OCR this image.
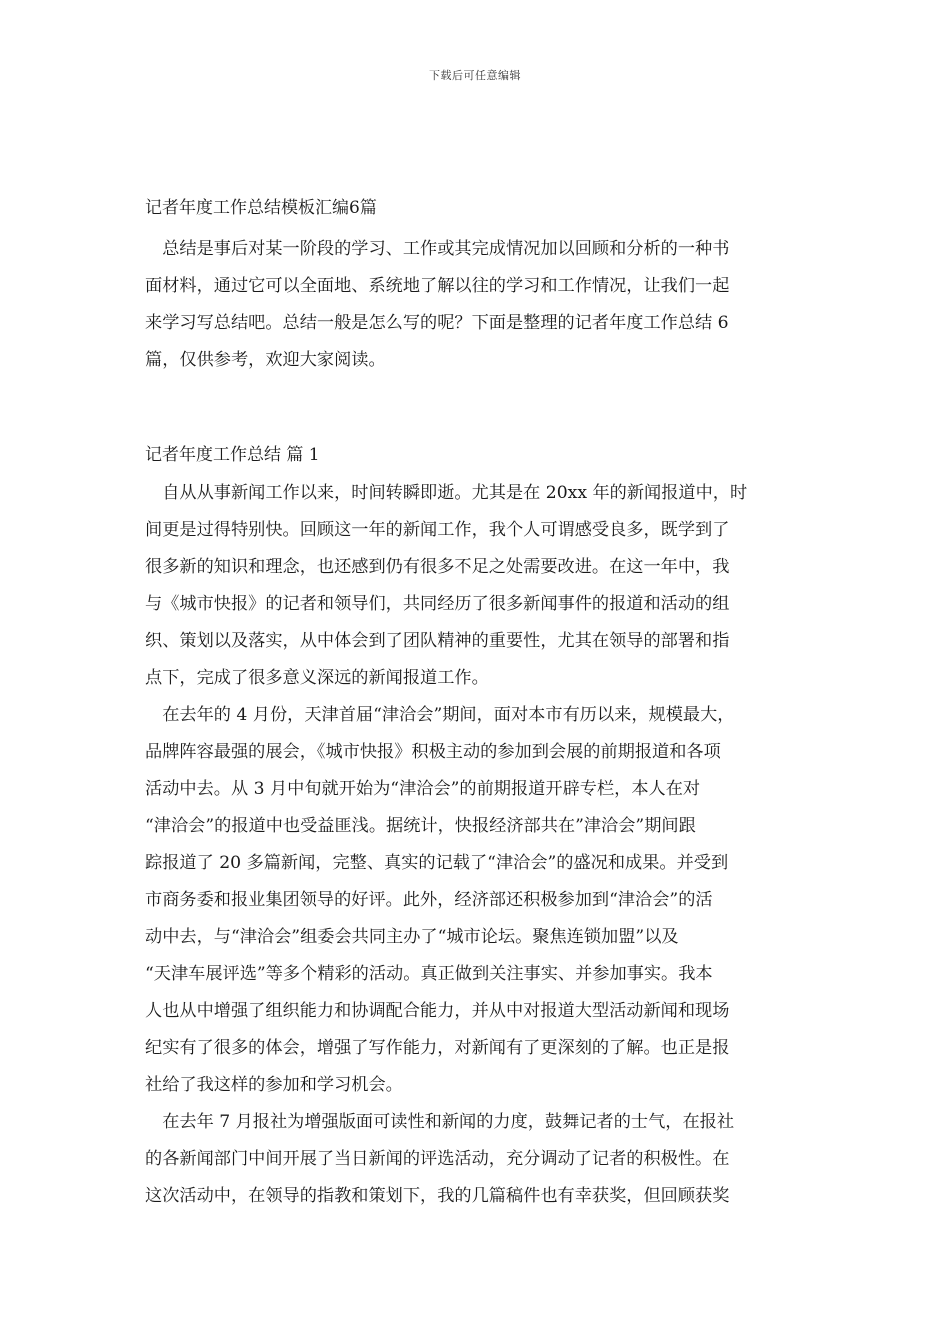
下载后可任意编辑
记者年度工作总结模板汇编6篇
　总结是事后对某一阶段的学习、工作或其完成情况加以回顾和分析的一种书
面材料，通过它可以全面地、系统地了解以往的学习和工作情况，让我们一起
来学习写总结吧。总结一般是怎么写的呢？下面是整理的记者年度工作总结 6
篇，仅供参考，欢迎大家阅读。
记者年度工作总结 篇 1
　自从从事新闻工作以来，时间转瞬即逝。尤其是在 20xx 年的新闻报道中，时
间更是过得特别快。回顾这一年的新闻工作，我个人可谓感受良多，既学到了
很多新的知识和理念，也还感到仍有很多不足之处需要改进。在这一年中，我
与《城市快报》的记者和领导们，共同经历了很多新闻事件的报道和活动的组
织、策划以及落实，从中体会到了团队精神的重要性，尤其在领导的部署和指
点下，完成了很多意义深远的新闻报道工作。
　在去年的 4 月份，天津首届“津洽会”期间，面对本市有历以来，规模最大，
品牌阵容最强的展会，《城市快报》积极主动的参加到会展的前期报道和各项
活动中去。从 3 月中旬就开始为“津洽会”的前期报道开辟专栏，本人在对
“津洽会”的报道中也受益匪浅。据统计，快报经济部共在”津洽会”期间跟
踪报道了 20 多篇新闻，完整、真实的记载了“津洽会”的盛况和成果。并受到
市商务委和报业集团领导的好评。此外，经济部还积极参加到“津洽会”的活
动中去，与“津洽会”组委会共同主办了“城市论坛。聚焦连锁加盟”以及
“天津车展评选”等多个精彩的活动。真正做到关注事实、并参加事实。我本
人也从中增强了组织能力和协调配合能力，并从中对报道大型活动新闻和现场
纪实有了很多的体会，增强了写作能力，对新闻有了更深刻的了解。也正是报
社给了我这样的参加和学习机会。
　在去年 7 月报社为增强版面可读性和新闻的力度，鼓舞记者的士气，在报社
的各新闻部门中间开展了当日新闻的评选活动，充分调动了记者的积极性。在
这次活动中，在领导的指教和策划下，我的几篇稿件也有幸获奖，但回顾获奖
